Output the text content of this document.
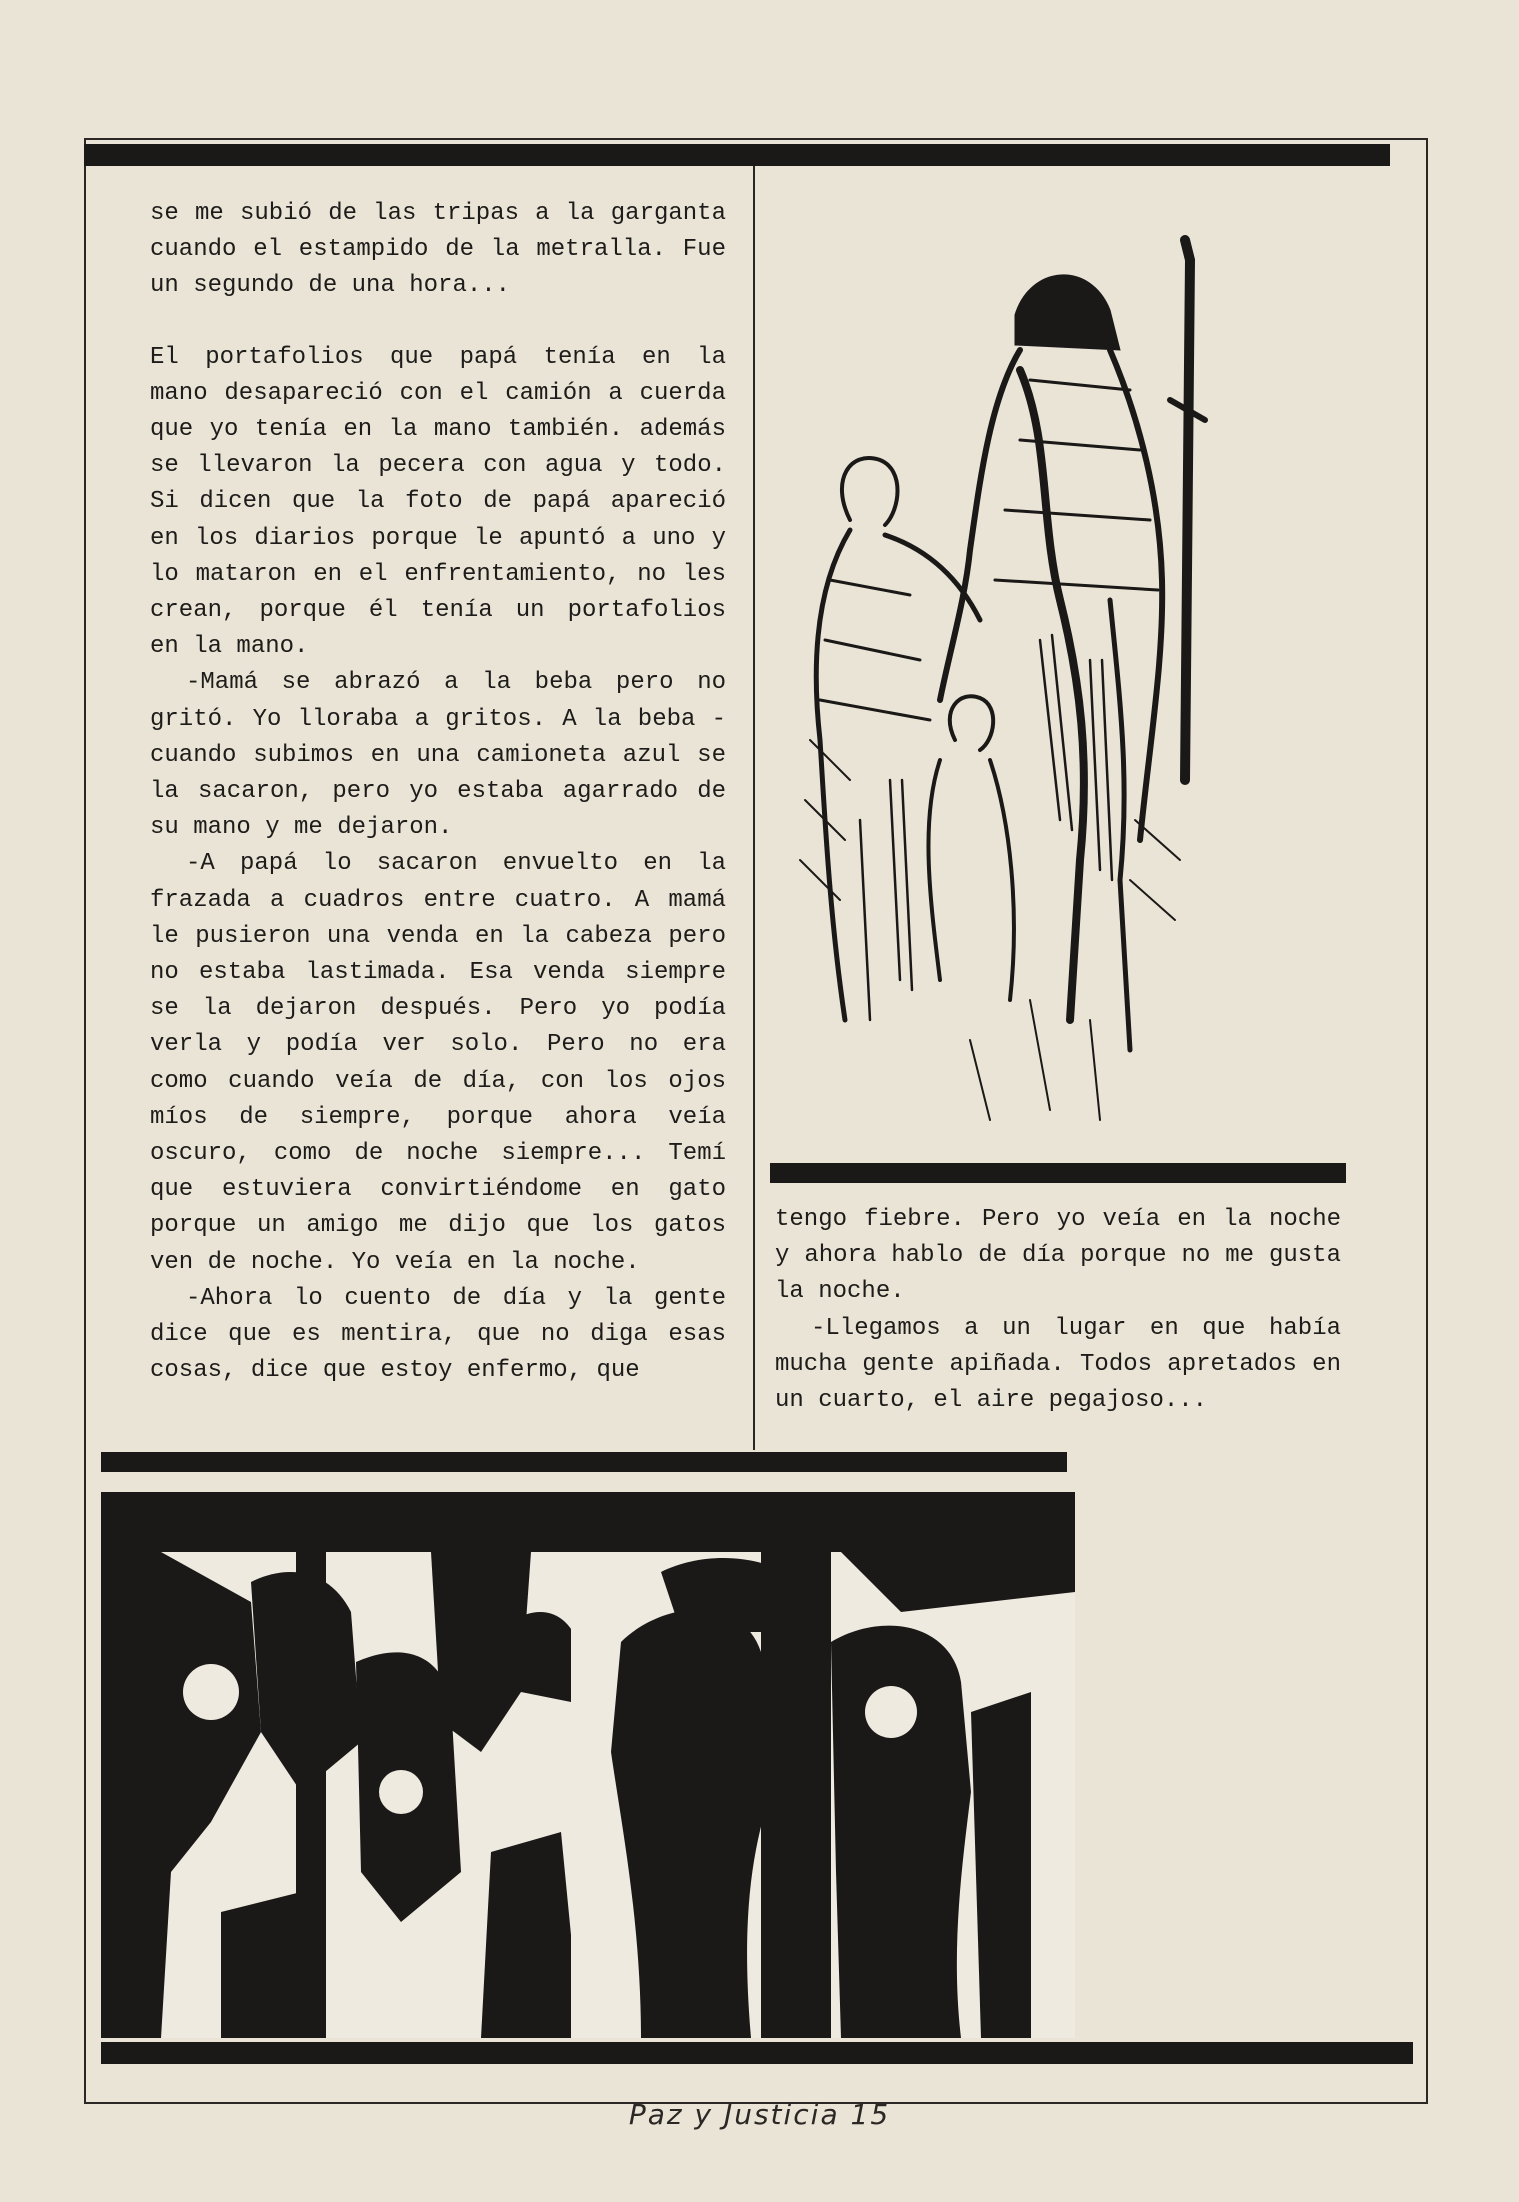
se me subió de las tripas a la garganta cuando el estampido de la metralla. Fue un segundo de una hora...

El portafolios que papá tenía en la mano desapareció con el camión a cuerda que yo tenía en la mano también. además se llevaron la pecera con agua y todo. Si dicen que la foto de papá apareció en los diarios porque le apuntó a uno y lo mataron en el enfrentamiento, no les crean, porque él tenía un portafolios en la mano.

-Mamá se abrazó a la beba pero no gritó. Yo lloraba a gritos. A la beba -cuando subimos en una camioneta azul se la sacaron, pero yo estaba agarrado de su mano y me dejaron.

-A papá lo sacaron envuelto en la frazada a cuadros entre cuatro. A mamá le pusieron una venda en la cabeza pero no estaba lastimada. Esa venda siempre se la dejaron después. Pero yo podía verla y podía ver solo. Pero no era como cuando veía de día, con los ojos míos de siempre, porque ahora veía oscuro, como de noche siempre... Temí que estuviera convirtiéndome en gato porque un amigo me dijo que los gatos ven de noche. Yo veía en la noche.

-Ahora lo cuento de día y la gente dice que es mentira, que no diga esas cosas, dice que estoy enfermo, que

tengo fiebre. Pero yo veía en la noche y ahora hablo de día porque no me gusta la noche.

-Llegamos a un lugar en que había mucha gente apiñada. Todos apretados en un cuarto, el aire pegajoso...

Paz y Justicia 15
